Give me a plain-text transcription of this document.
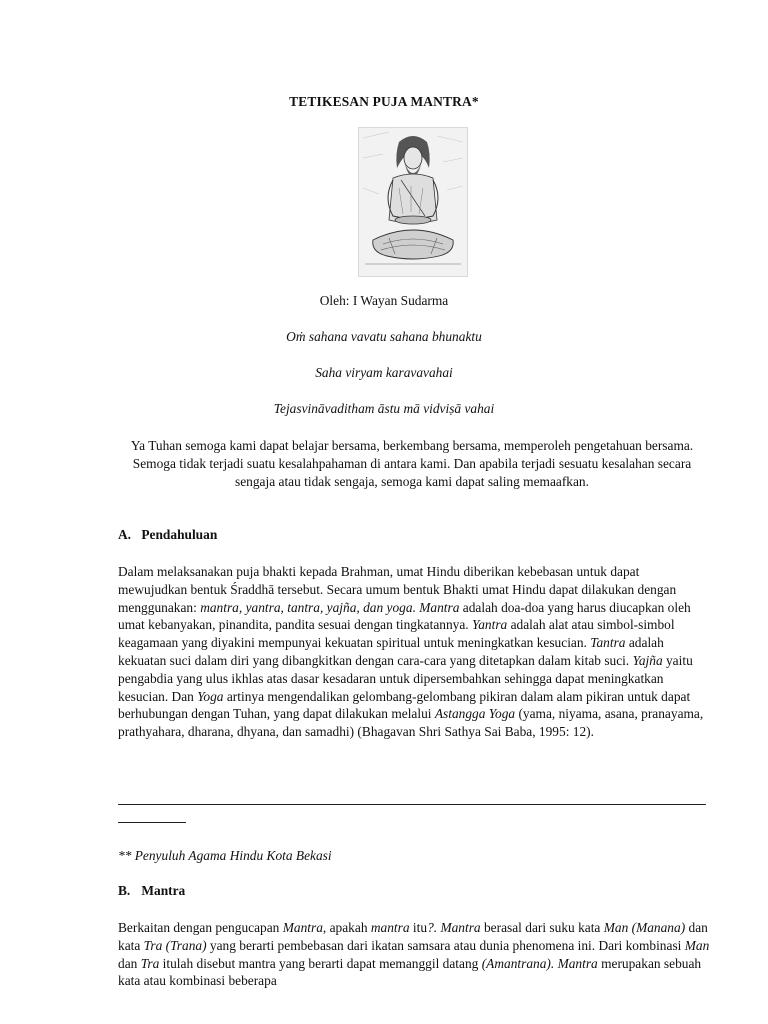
TETIKESAN PUJA MANTRA*
Oleh: I Wayan Sudarma
Oṁ sahana vavatu sahana bhunaktu
Saha viryam karavavahai
Tejasvināvaditham āstu mā vidviṣā vahai
Ya Tuhan semoga kami dapat belajar bersama, berkembang bersama, memperoleh pengetahuan bersama. Semoga tidak terjadi suatu kesalahpahaman di antara kami. Dan apabila terjadi sesuatu kesalahan secara sengaja atau tidak sengaja, semoga kami dapat saling memaafkan.
A. Pendahuluan
Dalam melaksanakan puja bhakti kepada Brahman, umat Hindu diberikan kebebasan untuk dapat mewujudkan bentuk Śraddhā tersebut. Secara umum bentuk Bhakti umat Hindu dapat dilakukan dengan menggunakan: mantra, yantra, tantra, yajña, dan yoga. Mantra adalah doa-doa yang harus diucapkan oleh umat kebanyakan, pinandita, pandita sesuai dengan tingkatannya. Yantra adalah alat atau simbol-simbol keagamaan yang diyakini mempunyai kekuatan spiritual untuk meningkatkan kesucian. Tantra adalah kekuatan suci dalam diri yang dibangkitkan dengan cara-cara yang ditetapkan dalam kitab suci. Yajña yaitu pengabdia yang ulus ikhlas atas dasar kesadaran untuk dipersembahkan sehingga dapat meningkatkan kesucian. Dan Yoga artinya mengendalikan gelombang-gelombang pikiran dalam alam pikiran untuk dapat berhubungan dengan Tuhan, yang dapat dilakukan melalui Astangga Yoga (yama, niyama, asana, pranayama, prathyahara, dharana, dhyana, dan samadhi) (Bhagavan Shri Sathya Sai Baba, 1995: 12).
** Penyuluh Agama Hindu Kota Bekasi
B. Mantra
Berkaitan dengan pengucapan Mantra, apakah mantra itu?. Mantra berasal dari suku kata Man (Manana) dan kata Tra (Trana) yang berarti pembebasan dari ikatan samsara atau dunia phenomena ini. Dari kombinasi Man dan Tra itulah disebut mantra yang berarti dapat memanggil datang (Amantrana). Mantra merupakan sebuah kata atau kombinasi beberapa
